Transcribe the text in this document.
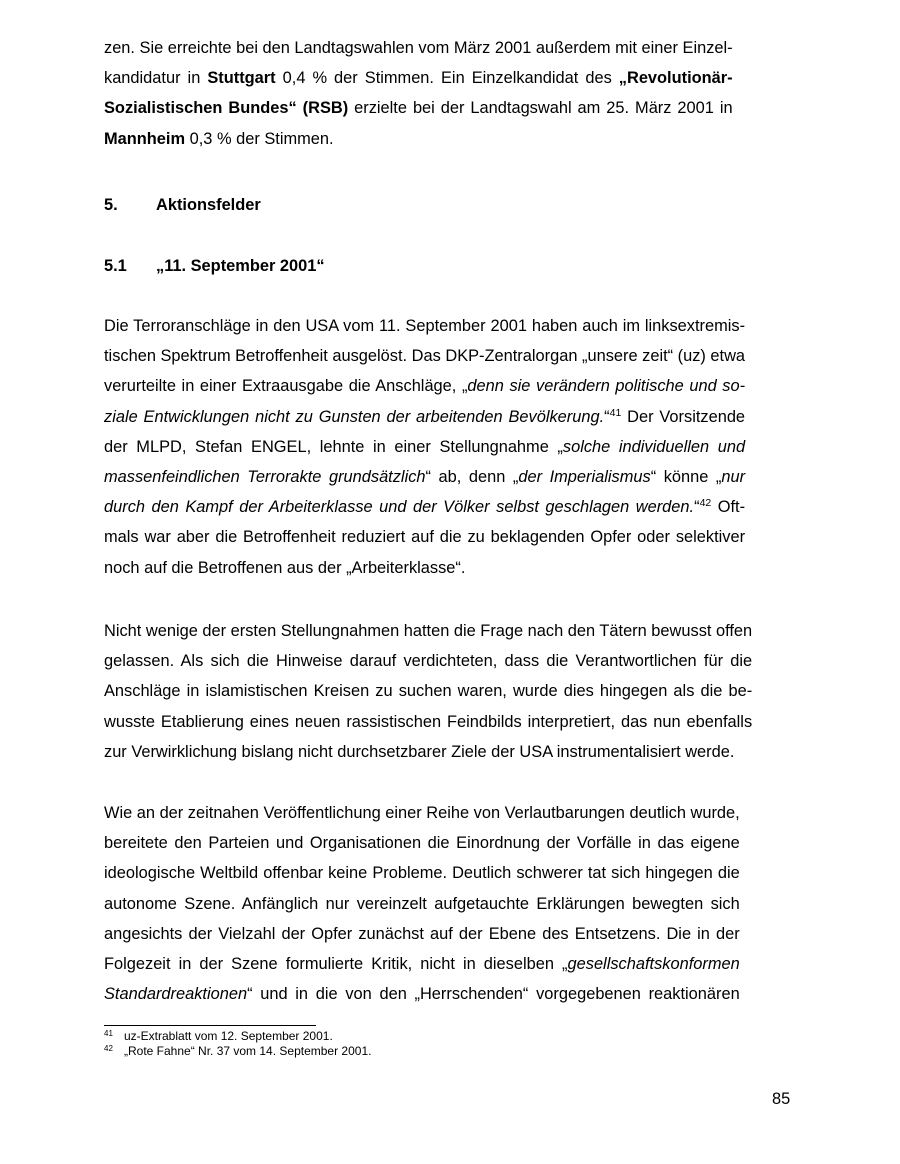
zen. Sie erreichte bei den Landtagswahlen vom März 2001 außerdem mit einer Einzel-
kandidatur in Stuttgart 0,4 % der Stimmen. Ein Einzelkandidat des „Revolutionär-
Sozialistischen Bundes“ (RSB) erzielte bei der Landtagswahl am 25. März 2001 in
Mannheim 0,3 % der Stimmen.

5. Aktionsfelder
5.1 „11. September 2001“

Die Terroranschläge in den USA vom 11. September 2001 haben auch im linksextremis-
tischen Spektrum Betroffenheit ausgelöst. Das DKP-Zentralorgan „unsere zeit“ (uz) etwa
verurteilte in einer Extraausgabe die Anschläge, „denn sie verändern politische und so-
ziale Entwicklungen nicht zu Gunsten der arbeitenden Bevölkerung.“$^{41}$ Der Vorsitzende
der MLPD, Stefan ENGEL, lehnte in einer Stellungnahme „solche individuellen und
massenfeindlichen Terrorakte grundsätzlich“ ab, denn „der Imperialismus“ könne „nur
durch den Kampf der Arbeiterklasse und der Völker selbst geschlagen werden.“$^{42}$ Oft-
mals war aber die Betroffenheit reduziert auf die zu beklagenden Opfer oder selektiver
noch auf die Betroffenen aus der „Arbeiterklasse“.

Nicht wenige der ersten Stellungnahmen hatten die Frage nach den Tätern bewusst offen
gelassen. Als sich die Hinweise darauf verdichteten, dass die Verantwortlichen für die
Anschläge in islamistischen Kreisen zu suchen waren, wurde dies hingegen als die be-
wusste Etablierung eines neuen rassistischen Feindbilds interpretiert, das nun ebenfalls
zur Verwirklichung bislang nicht durchsetzbarer Ziele der USA instrumentalisiert werde.

Wie an der zeitnahen Veröffentlichung einer Reihe von Verlautbarungen deutlich wurde,
bereitete den Parteien und Organisationen die Einordnung der Vorfälle in das eigene
ideologische Weltbild offenbar keine Probleme. Deutlich schwerer tat sich hingegen die
autonome Szene. Anfänglich nur vereinzelt aufgetauchte Erklärungen bewegten sich
angesichts der Vielzahl der Opfer zunächst auf der Ebene des Entsetzens. Die in der
Folgezeit in der Szene formulierte Kritik, nicht in dieselben „gesellschaftskonformen
Standardreaktionen“ und in die von den „Herrschenden“ vorgegebenen reaktionären

$^{41}$ uz-Extrablatt vom 12. September 2001.
$^{42}$ „Rote Fahne“ Nr. 37 vom 14. September 2001.
85
